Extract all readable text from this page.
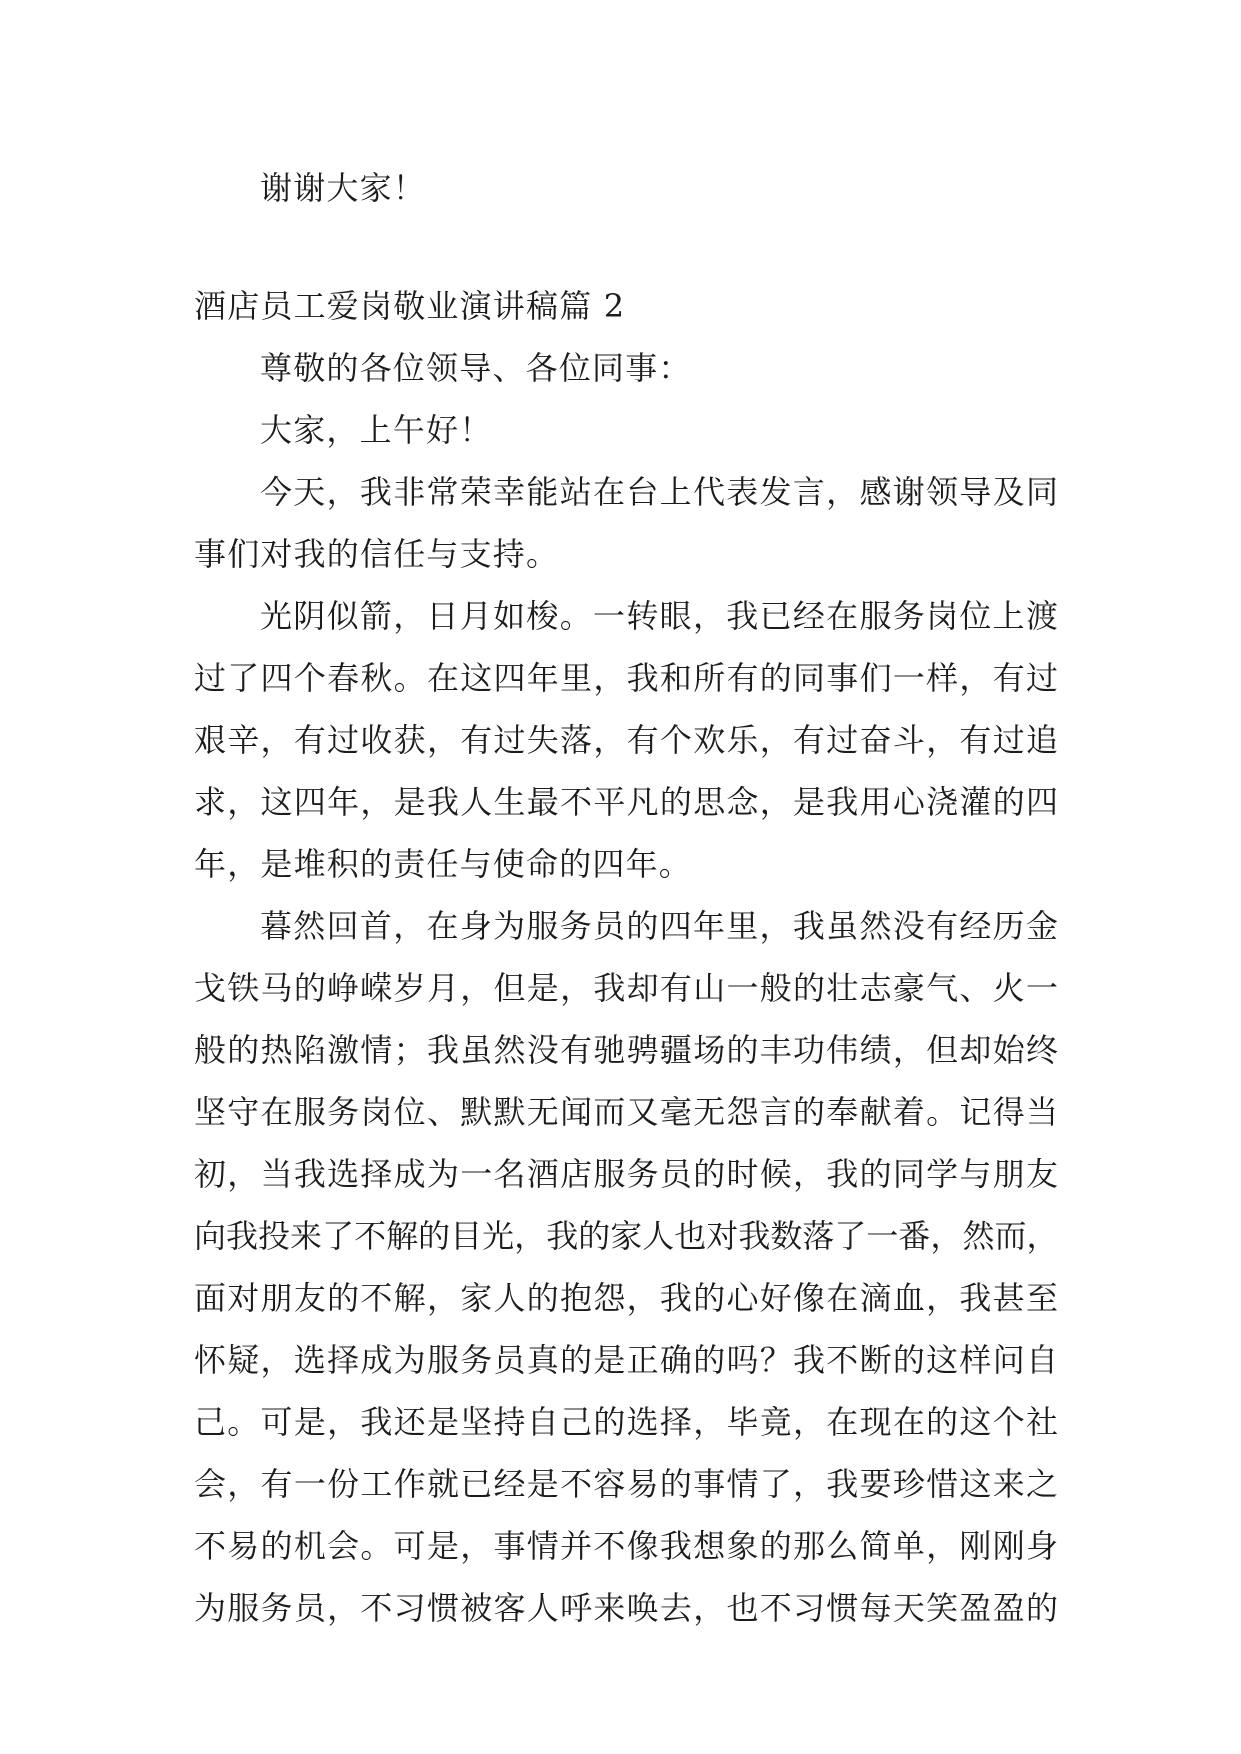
谢谢大家！
酒店员工爱岗敬业演讲稿篇 2
尊敬的各位领导、各位同事：
大家，上午好！
今天，我非常荣幸能站在台上代表发言，感谢领导及同
事们对我的信任与支持。
光阴似箭，日月如梭。一转眼，我已经在服务岗位上渡
过了四个春秋。在这四年里，我和所有的同事们一样，有过
艰辛，有过收获，有过失落，有个欢乐，有过奋斗，有过追
求，这四年，是我人生最不平凡的思念，是我用心浇灌的四
年，是堆积的责任与使命的四年。
暮然回首，在身为服务员的四年里，我虽然没有经历金
戈铁马的峥嵘岁月，但是，我却有山一般的壮志豪气、火一
般的热陷激情；我虽然没有驰骋疆场的丰功伟绩，但却始终
坚守在服务岗位、默默无闻而又毫无怨言的奉献着。记得当
初，当我选择成为一名酒店服务员的时候，我的同学与朋友
向我投来了不解的目光，我的家人也对我数落了一番，然而，
面对朋友的不解，家人的抱怨，我的心好像在滴血，我甚至
怀疑，选择成为服务员真的是正确的吗？我不断的这样问自
己。可是，我还是坚持自己的选择，毕竟，在现在的这个社
会，有一份工作就已经是不容易的事情了，我要珍惜这来之
不易的机会。可是，事情并不像我想象的那么简单，刚刚身
为服务员，不习惯被客人呼来唤去，也不习惯每天笑盈盈的
